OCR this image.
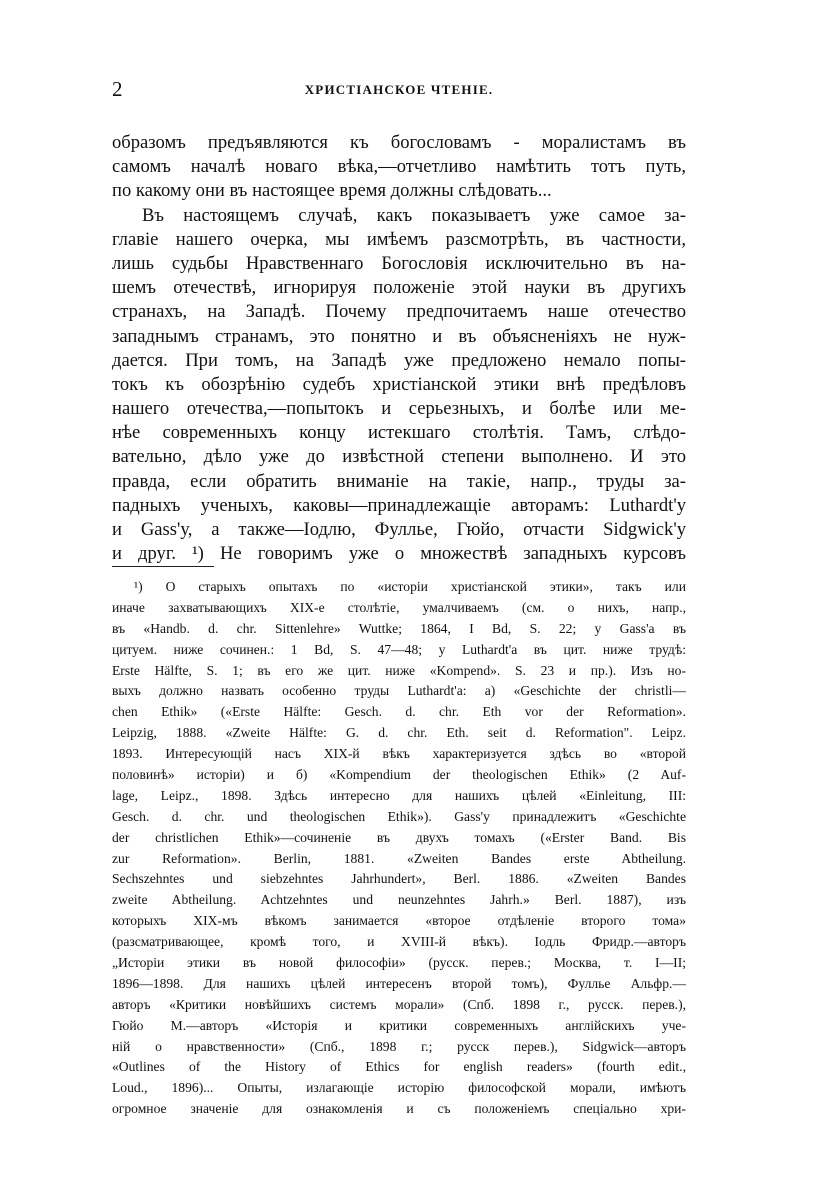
2	ХРИСТІАНСКОЕ ЧТЕНІЕ.
образомъ предъявляются къ богословамъ - моралистамъ въ
самомъ началѣ новаго вѣка,—отчетливо намѣтить тотъ путь,
по какому они въ настоящее время должны слѣдовать...
Въ настоящемъ случаѣ, какъ показываетъ уже самое за-
главіе нашего очерка, мы имѣемъ разсмотрѣть, въ частности,
лишь судьбы Нравственнаго Богословія исключительно въ на-
шемъ отечествѣ, игнорируя положеніе этой науки въ другихъ
странахъ, на Западѣ. Почему предпочитаемъ наше отечество
западнымъ странамъ, это понятно и въ объясненіяхъ не нуж-
дается. При томъ, на Западѣ уже предложено немало попы-
токъ къ обозрѣнію судебъ христіанской этики внѣ предѣловъ
нашего отечества,—попытокъ и серьезныхъ, и болѣе или ме-
нѣе современныхъ концу истекшаго столѣтія. Тамъ, слѣдо-
вательно, дѣло уже до извѣстной степени выполнено. И это
правда, если обратить вниманіе на такіе, напр., труды за-
падныхъ ученыхъ, каковы—принадлежащіе авторамъ: Luthardt'у
и Gass'у, а также—Іодлю, Фуллье, Гюйо, отчасти Sidgwick'у
и друг. ¹) Не говоримъ уже о множествѣ западныхъ курсовъ
¹) О старыхъ опытахъ по «исторіи христіанской этики», такъ или
иначе захватывающихъ XIX-е столѣтіе, умалчиваемъ (см. о нихъ, напр.,
въ «Handb. d. chr. Sittenlehre» Wuttke; 1864, I Bd, S. 22; у Gass'a въ
цитуем. ниже сочинен.: 1 Bd, S. 47—48; у Luthardt'a въ цит. ниже трудѣ:
Erste Hälfte, S. 1; въ его же цит. ниже «Kompend». S. 23 и пр.). Изъ но-
выхъ должно назвать особенно труды Luthardt'a: а) «Geschichte der christli—
chen Ethik» («Erste Hälfte: Gesch. d. chr. Eth vor der Reformation».
Leipzig, 1888. «Zweite Hälfte: G. d. chr. Eth. seit d. Reformation". Leipz.
1893. Интересующій насъ XIX-й вѣкъ характеризуется здѣсь во «второй
половинѣ» исторіи) и б) «Kompendium der theologischen Ethik» (2 Auf-
lage, Leipz., 1898. Здѣсь интересно для нашихъ цѣлей «Einleitung, III:
Gesch. d. chr. und theologischen Ethik»). Gass'у принадлежитъ «Geschichte
der christlichen Ethik»—сочиненіе въ двухъ томахъ («Erster Band. Bis
zur Reformation». Berlin, 1881. «Zweiten Bandes erste Abtheilung.
Sechszehntes und siebzehntes Jahrhundert», Berl. 1886. «Zweiten Bandes
zweite Abtheilung. Achtzehntes und neunzehntes Jahrh.» Berl. 1887), изъ
которыхъ XIX-мъ вѣкомъ занимается «второе отдѣленіе второго тома»
(разсматривающее, кромѣ того, и XVIII-й вѣкъ). Іодль Фридр.—авторъ
„Исторіи этики въ новой философіи» (русск. перев.; Москва, т. I—II;
1896—1898. Для нашихъ цѣлей интересенъ второй томъ), Фуллье Альфр.—
авторъ «Критики новѣйшихъ системъ морали» (Спб. 1898 г., русск. перев.),
Гюйо М.—авторъ «Исторія и критики современныхъ англійскихъ уче-
ній о нравственности» (Спб., 1898 г.; русск перев.), Sidgwick—авторъ
«Outlines of the History of Ethics for english readers» (fourth edit.,
Loud., 1896)... Опыты, излагающіе исторію философской морали, имѣютъ
огромное значеніе для ознакомленія и съ положеніемъ спеціально хри-
